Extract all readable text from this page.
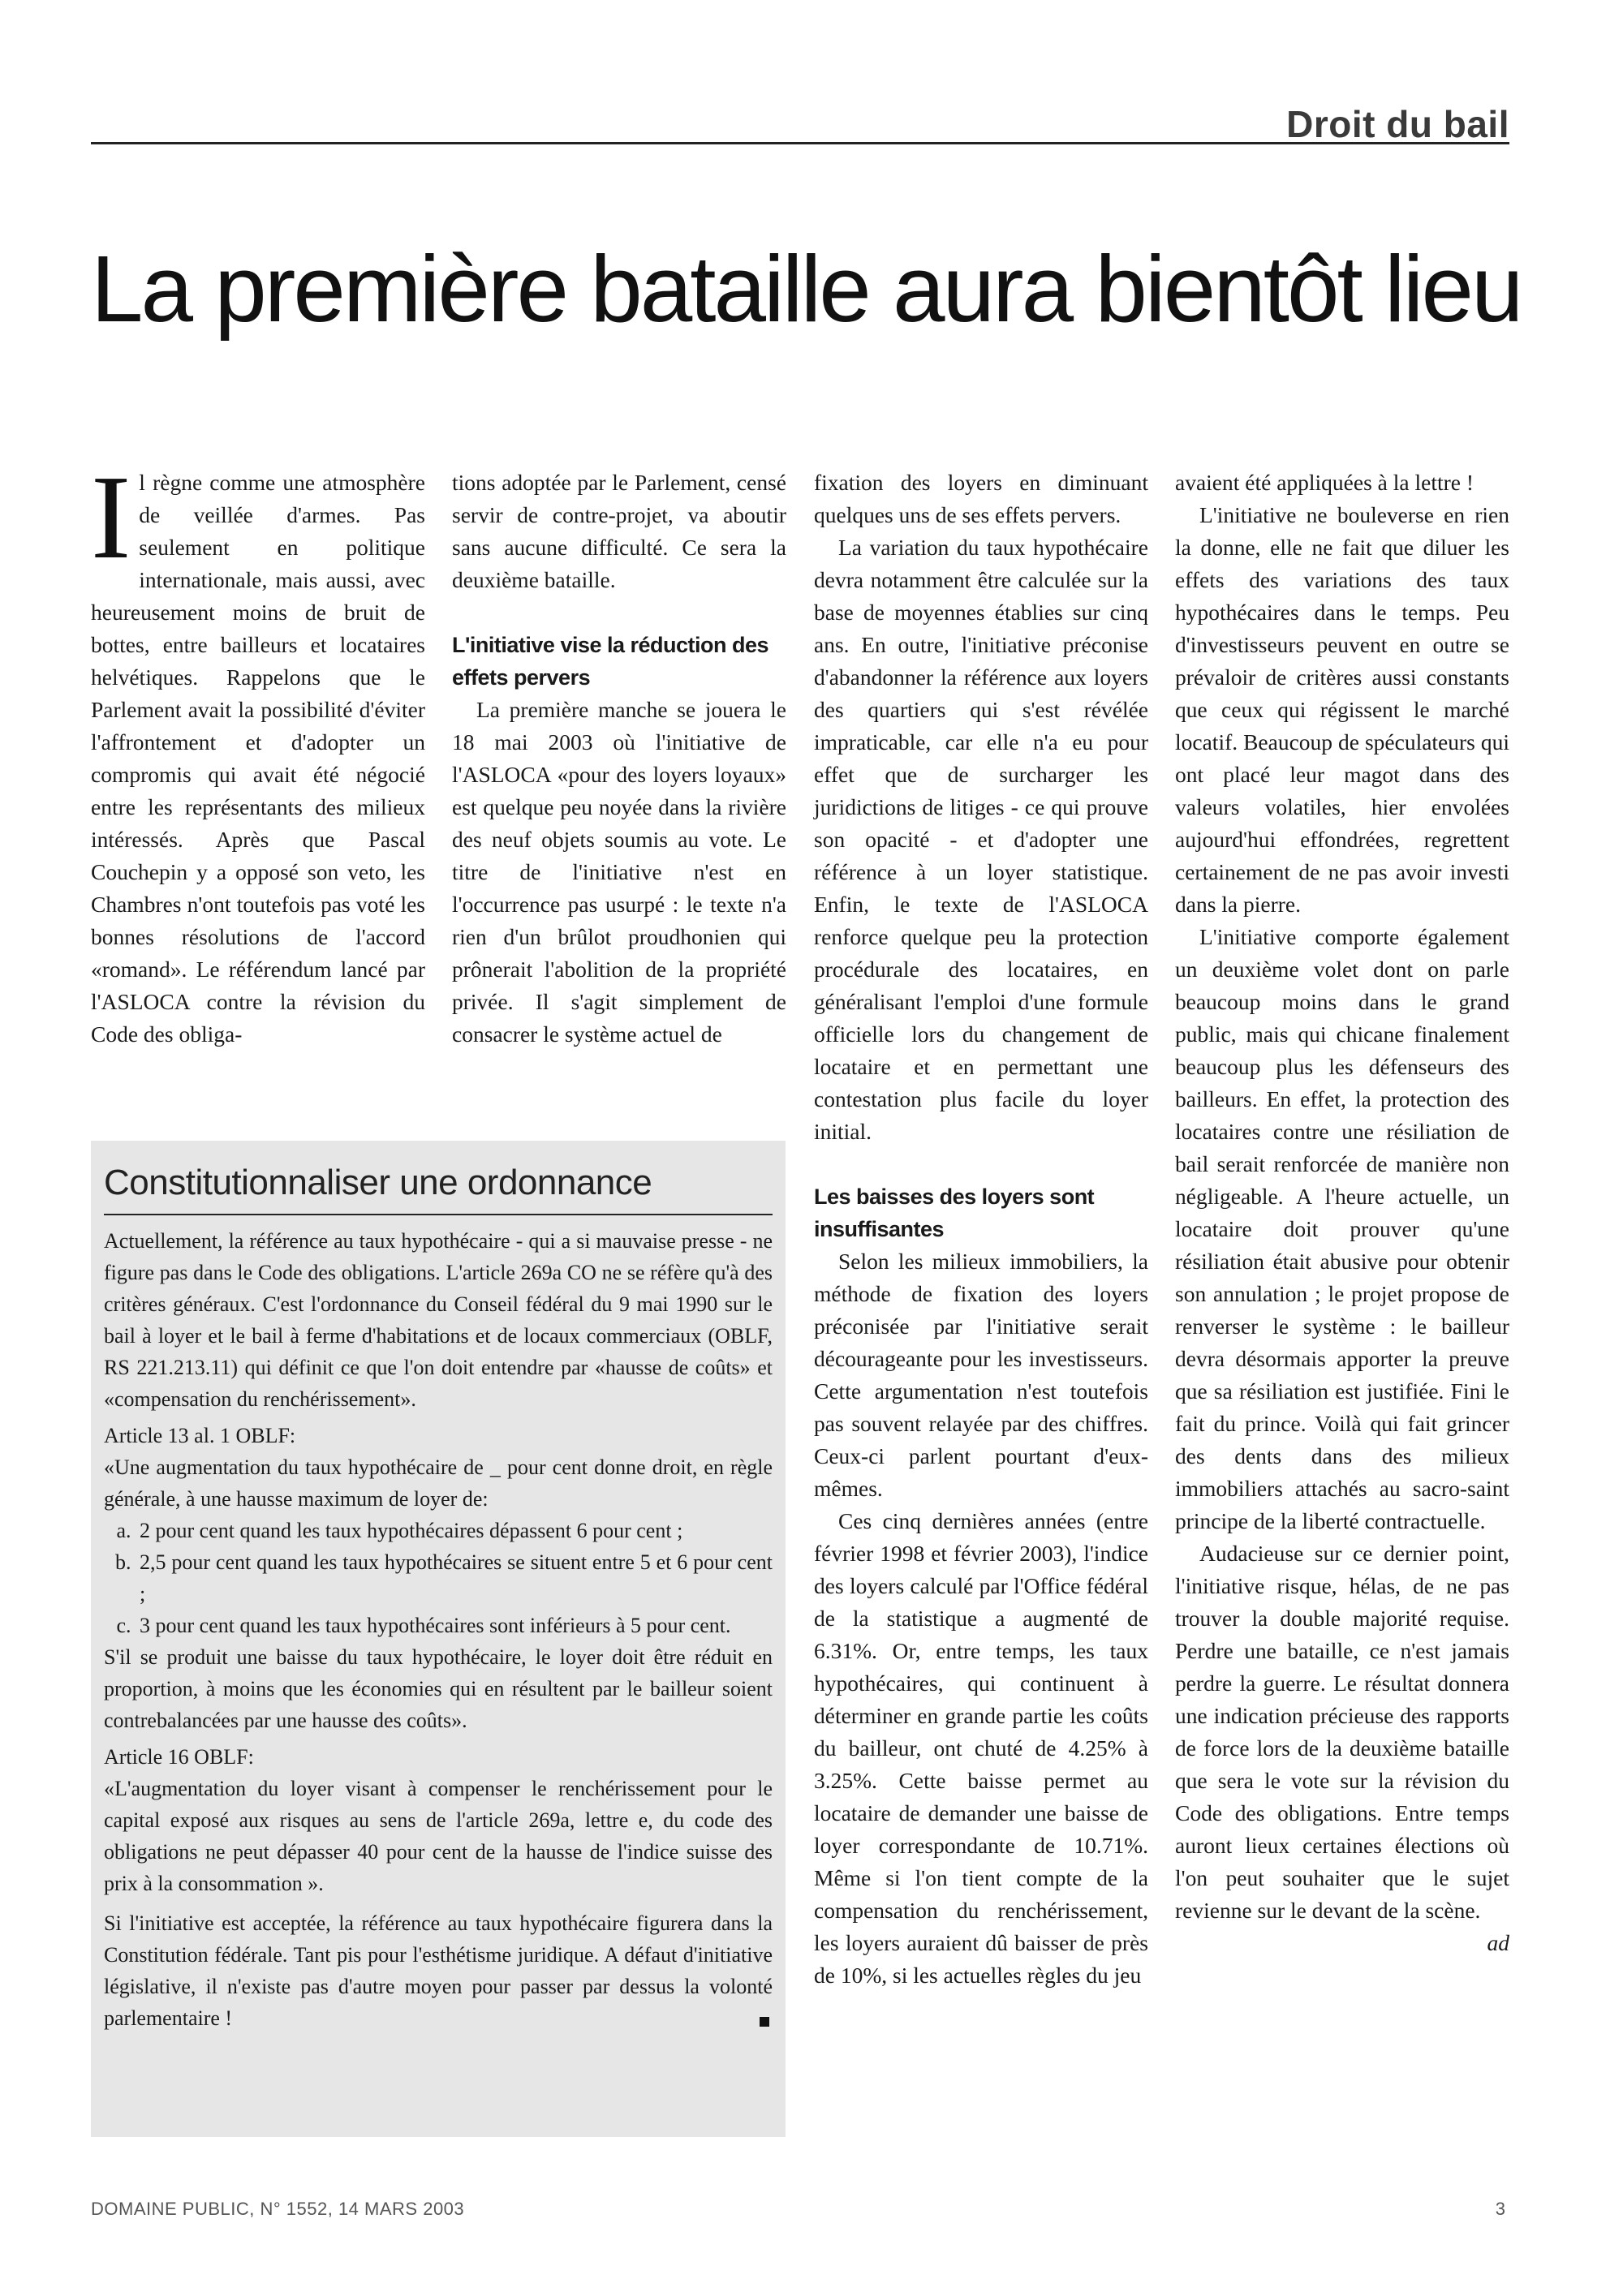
Droit du bail
La première bataille aura bientôt lieu

Il règne comme une atmosphère de veillée d'armes. Pas seulement en politique internationale, mais aussi, avec heureusement moins de bruit de bottes, entre bailleurs et locataires helvétiques. Rappelons que le Parlement avait la possibilité d'éviter l'affrontement et d'adopter un compromis qui avait été négocié entre les représentants des milieux intéressés. Après que Pascal Couchepin y a opposé son veto, les Chambres n'ont toutefois pas voté les bonnes résolutions de l'accord «romand». Le référendum lancé par l'ASLOCA contre la révision du Code des obliga-

tions adoptée par le Parlement, censé servir de contre-projet, va aboutir sans aucune difficulté. Ce sera la deuxième bataille.

L'initiative vise la réduction des effets pervers

La première manche se jouera le 18 mai 2003 où l'initiative de l'ASLOCA «pour des loyers loyaux» est quelque peu noyée dans la rivière des neuf objets soumis au vote. Le titre de l'initiative n'est en l'occurrence pas usurpé : le texte n'a rien d'un brûlot proudhonien qui prônerait l'abolition de la propriété privée. Il s'agit simplement de consacrer le système actuel de

fixation des loyers en diminuant quelques uns de ses effets pervers.

La variation du taux hypothécaire devra notamment être calculée sur la base de moyennes établies sur cinq ans. En outre, l'initiative préconise d'abandonner la référence aux loyers des quartiers qui s'est révélée impraticable, car elle n'a eu pour effet que de surcharger les juridictions de litiges - ce qui prouve son opacité - et d'adopter une référence à un loyer statistique. Enfin, le texte de l'ASLOCA renforce quelque peu la protection procédurale des locataires, en généralisant l'emploi d'une formule officielle lors du changement de locataire et en permettant une contestation plus facile du loyer initial.

Les baisses des loyers sont insuffisantes

Selon les milieux immobiliers, la méthode de fixation des loyers préconisée par l'initiative serait décourageante pour les investisseurs. Cette argumentation n'est toutefois pas souvent relayée par des chiffres. Ceux-ci parlent pourtant d'eux-mêmes.

Ces cinq dernières années (entre février 1998 et février 2003), l'indice des loyers calculé par l'Office fédéral de la statistique a augmenté de 6.31%. Or, entre temps, les taux hypothécaires, qui continuent à déterminer en grande partie les coûts du bailleur, ont chuté de 4.25% à 3.25%. Cette baisse permet au locataire de demander une baisse de loyer correspondante de 10.71%. Même si l'on tient compte de la compensation du renchérissement, les loyers auraient dû baisser de près de 10%, si les actuelles règles du jeu

avaient été appliquées à la lettre !

L'initiative ne bouleverse en rien la donne, elle ne fait que diluer les effets des variations des taux hypothécaires dans le temps. Peu d'investisseurs peuvent en outre se prévaloir de critères aussi constants que ceux qui régissent le marché locatif. Beaucoup de spéculateurs qui ont placé leur magot dans des valeurs volatiles, hier envolées aujourd'hui effondrées, regrettent certainement de ne pas avoir investi dans la pierre.

L'initiative comporte également un deuxième volet dont on parle beaucoup moins dans le grand public, mais qui chicane finalement beaucoup plus les défenseurs des bailleurs. En effet, la protection des locataires contre une résiliation de bail serait renforcée de manière non négligeable. A l'heure actuelle, un locataire doit prouver qu'une résiliation était abusive pour obtenir son annulation ; le projet propose de renverser le système : le bailleur devra désormais apporter la preuve que sa résiliation est justifiée. Fini le fait du prince. Voilà qui fait grincer des dents dans des milieux immobiliers attachés au sacro-saint principe de la liberté contractuelle.

Audacieuse sur ce dernier point, l'initiative risque, hélas, de ne pas trouver la double majorité requise. Perdre une bataille, ce n'est jamais perdre la guerre. Le résultat donnera une indication précieuse des rapports de force lors de la deuxième bataille que sera le vote sur la révision du Code des obligations. Entre temps auront lieux certaines élections où l'on peut souhaiter que le sujet revienne sur le devant de la scène.
ad

Constitutionnaliser une ordonnance

Actuellement, la référence au taux hypothécaire - qui a si mauvaise presse - ne figure pas dans le Code des obligations. L'article 269a CO ne se réfère qu'à des critères généraux. C'est l'ordonnance du Conseil fédéral du 9 mai 1990 sur le bail à loyer et le bail à ferme d'habitations et de locaux commerciaux (OBLF, RS 221.213.11) qui définit ce que l'on doit entendre par «hausse de coûts» et «compensation du renchérissement».

Article 13 al. 1 OBLF:

«Une augmentation du taux hypothécaire de _ pour cent donne droit, en règle générale, à une hausse maximum de loyer de:

a. 2 pour cent quand les taux hypothécaires dépassent 6 pour cent ;
b. 2,5 pour cent quand les taux hypothécaires se situent entre 5 et 6 pour cent ;
c. 3 pour cent quand les taux hypothécaires sont inférieurs à 5 pour cent.

S'il se produit une baisse du taux hypothécaire, le loyer doit être réduit en proportion, à moins que les économies qui en résultent par le bailleur soient contrebalancées par une hausse des coûts».

Article 16 OBLF:

«L'augmentation du loyer visant à compenser le renchérissement pour le capital exposé aux risques au sens de l'article 269a, lettre e, du code des obligations ne peut dépasser 40 pour cent de la hausse de l'indice suisse des prix à la consommation ».

Si l'initiative est acceptée, la référence au taux hypothécaire figurera dans la Constitution fédérale. Tant pis pour l'esthétisme juridique. A défaut d'initiative législative, il n'existe pas d'autre moyen pour passer par dessus la volonté parlementaire !

DOMAINE PUBLIC, N° 1552, 14 MARS 2003	3
